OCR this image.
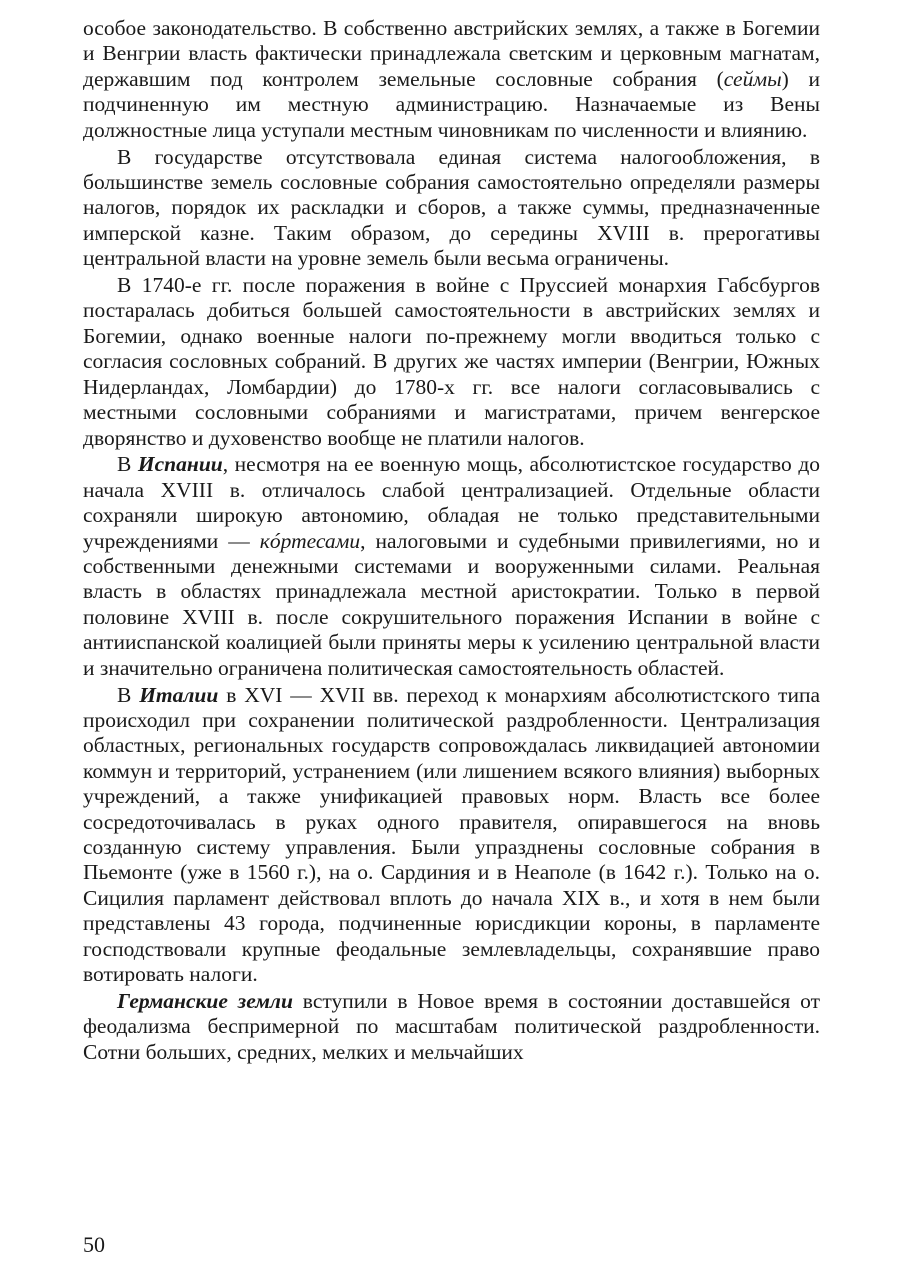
особое законодательство. В собственно австрийских землях, а также в Богемии и Венгрии власть фактически принадлежала светским и церковным магнатам, державшим под контролем земельные сословные собрания (сеймы) и подчиненную им местную администрацию. Назначаемые из Вены должностные лица уступали местным чиновникам по численности и влиянию.

В государстве отсутствовала единая система налогообложения, в большинстве земель сословные собрания самостоятельно определяли размеры налогов, порядок их раскладки и сборов, а также суммы, предназначенные имперской казне. Таким образом, до середины XVIII в. прерогативы центральной власти на уровне земель были весьма ограничены.

В 1740-е гг. после поражения в войне с Пруссией монархия Габсбургов постаралась добиться большей самостоятельности в австрийских землях и Богемии, однако военные налоги по-прежнему могли вводиться только с согласия сословных собраний. В других же частях империи (Венгрии, Южных Нидерландах, Ломбардии) до 1780-х гг. все налоги согласовывались с местными сословными собраниями и магистратами, причем венгерское дворянство и духовенство вообще не платили налогов.

В Испании, несмотря на ее военную мощь, абсолютистское государство до начала XVIII в. отличалось слабой централизацией. Отдельные области сохраняли широкую автономию, обладая не только представительными учреждениями — кóртесами, налоговыми и судебными привилегиями, но и собственными денежными системами и вооруженными силами. Реальная власть в областях принадлежала местной аристократии. Только в первой половине XVIII в. после сокрушительного поражения Испании в войне с антииспанской коалицией были приняты меры к усилению центральной власти и значительно ограничена политическая самостоятельность областей.

В Италии в XVI — XVII вв. переход к монархиям абсолютистского типа происходил при сохранении политической раздробленности. Централизация областных, региональных государств сопровождалась ликвидацией автономии коммун и территорий, устранением (или лишением всякого влияния) выборных учреждений, а также унификацией правовых норм. Власть все более сосредоточивалась в руках одного правителя, опиравшегося на вновь созданную систему управления. Были упразднены сословные собрания в Пьемонте (уже в 1560 г.), на о. Сардиния и в Неаполе (в 1642 г.). Только на о. Сицилия парламент действовал вплоть до начала XIX в., и хотя в нем были представлены 43 города, подчиненные юрисдикции короны, в парламенте господствовали крупные феодальные землевладельцы, сохранявшие право вотировать налоги.

Германские земли вступили в Новое время в состоянии доставшейся от феодализма беспримерной по масштабам политической раздробленности. Сотни больших, средних, мелких и мельчайших

50
